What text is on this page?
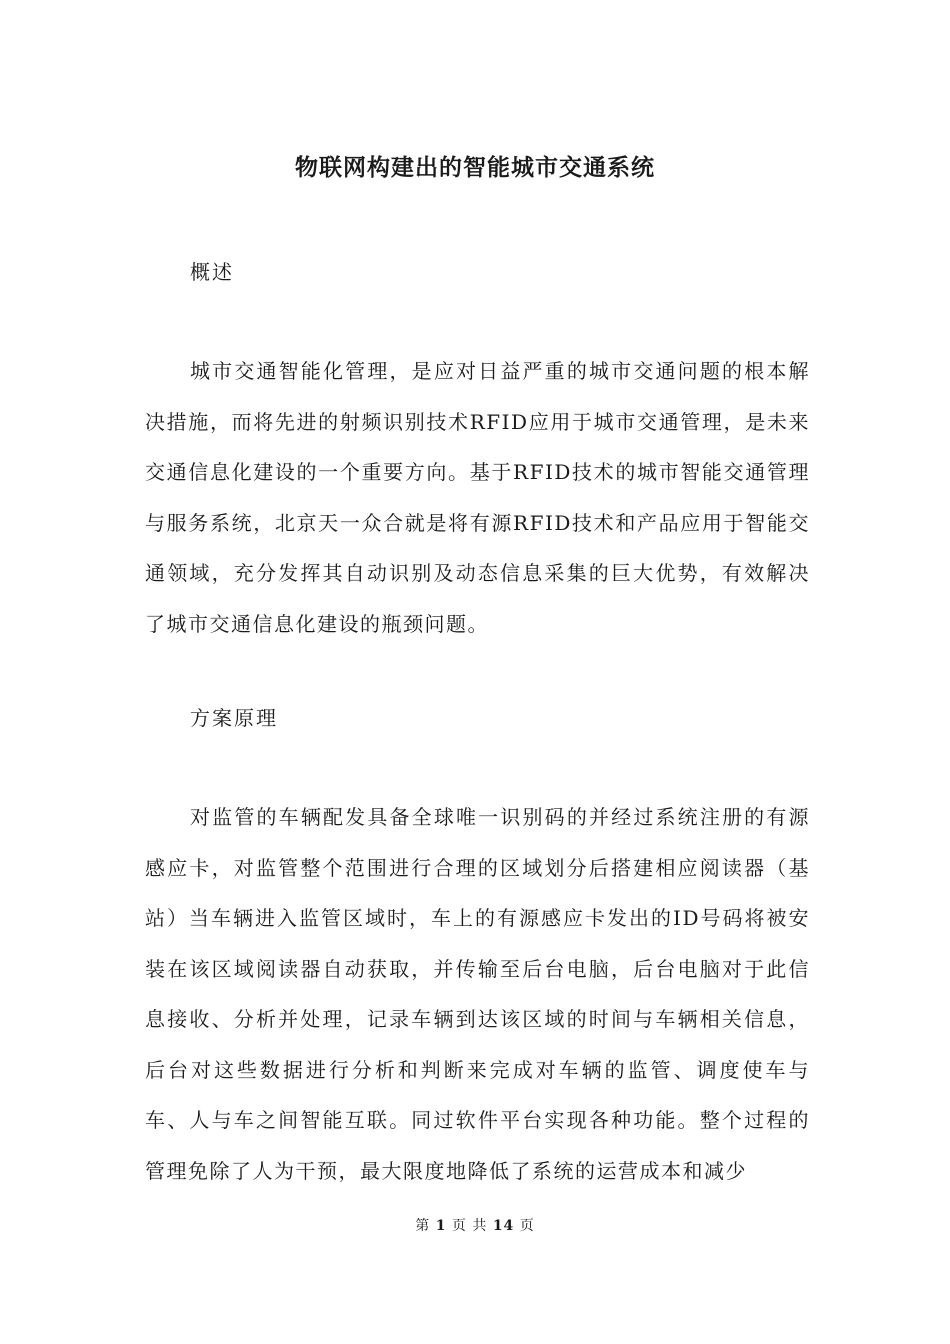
物联网构建出的智能城市交通系统
概述

城市交通智能化管理，是应对日益严重的城市交通问题的根本解决措施，而将先进的射频识别技术RFID应用于城市交通管理，是未来交通信息化建设的一个重要方向。基于RFID技术的城市智能交通管理与服务系统，北京天一众合就是将有源RFID技术和产品应用于智能交通领域，充分发挥其自动识别及动态信息采集的巨大优势，有效解决了城市交通信息化建设的瓶颈问题。

方案原理

对监管的车辆配发具备全球唯一识别码的并经过系统注册的有源感应卡，对监管整个范围进行合理的区域划分后搭建相应阅读器（基站）当车辆进入监管区域时，车上的有源感应卡发出的ID号码将被安装在该区域阅读器自动获取，并传输至后台电脑，后台电脑对于此信息接收、分析并处理，记录车辆到达该区域的时间与车辆相关信息，后台对这些数据进行分析和判断来完成对车辆的监管、调度使车与车、人与车之间智能互联。同过软件平台实现各种功能。整个过程的管理免除了人为干预，最大限度地降低了系统的运营成本和减少

第 1 页 共 14 页
